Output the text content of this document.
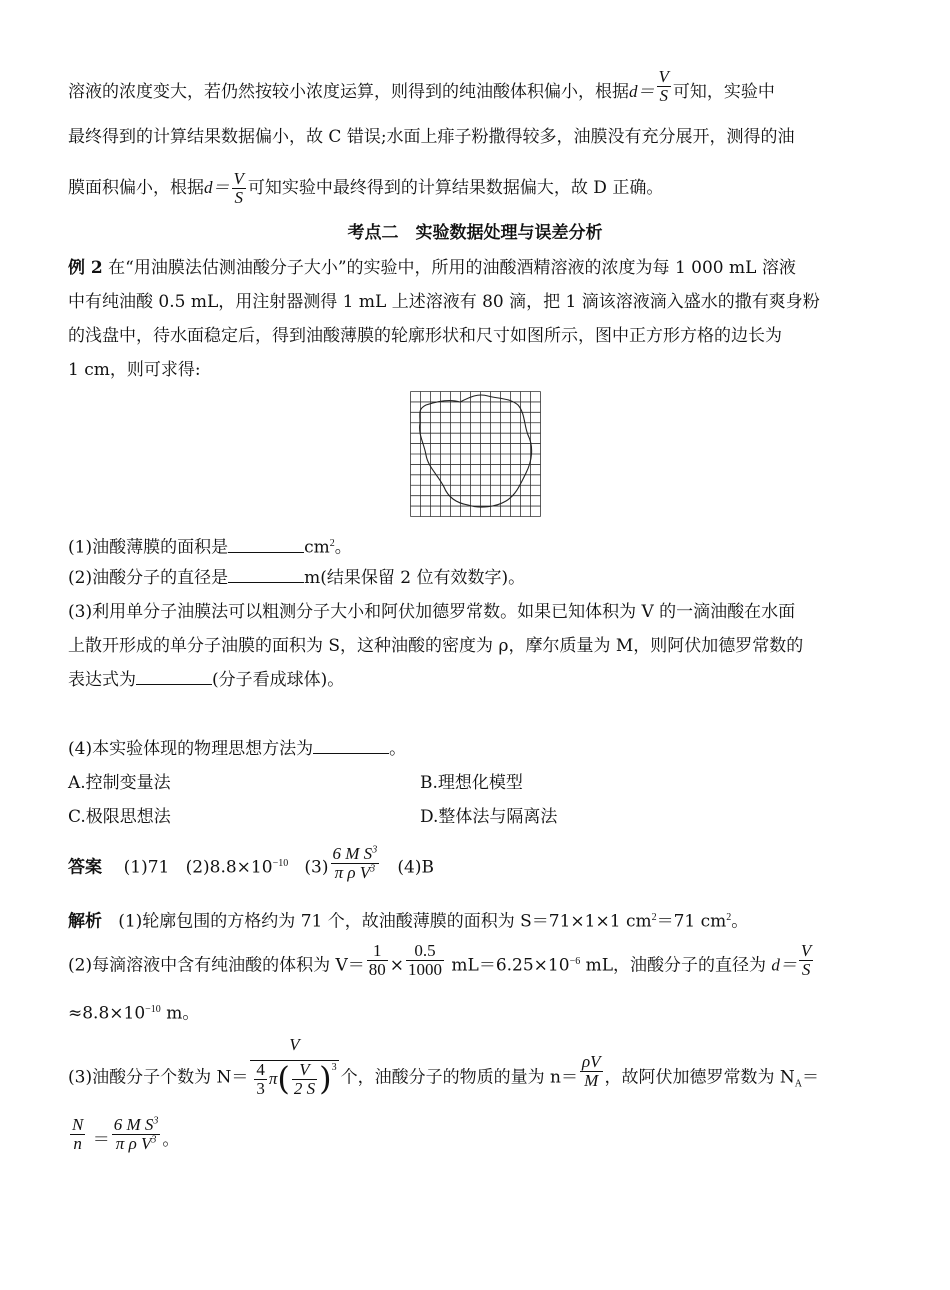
溶液的浓度变大，若仍然按较小浓度运算，则得到的纯油酸体积偏小，根据$d= \frac{V}{S}$ 可知，实验中
最终得到的计算结果数据偏小，故 C 错误;水面上痱子粉撒得较多，油膜没有充分展开，测得的油
膜面积偏小，根据$d= \frac{V}{S}$ 可知实验中最终得到的计算结果数据偏大，故 D 正确。
考点二　实验数据处理与误差分析
例 2 在“用油膜法估测油酸分子大小”的实验中，所用的油酸酒精溶液的浓度为每 1 000 mL 溶液
中有纯油酸 0.5 mL，用注射器测得 1 mL 上述溶液有 80 滴，把 1 滴该溶液滴入盛水的撒有爽身粉
的浅盘中，待水面稳定后，得到油酸薄膜的轮廓形状和尺寸如图所示，图中正方形方格的边长为
1 cm，则可求得:
(1)油酸薄膜的面积是	$cm^2$。
(2)油酸分子的直径是	m(结果保留 2 位有效数字)。
(3)利用单分子油膜法可以粗测分子大小和阿伏加德罗常数。如果已知体积为 V 的一滴油酸在水面
上散开形成的单分子油膜的面积为 S，这种油酸的密度为 ρ，摩尔质量为 M，则阿伏加德罗常数的
表达式为	(分子看成球体)。
(4)本实验体现的物理思想方法为	。
A.控制变量法	B.理想化模型
C.极限思想法	D.整体法与隔离法
答案 (1)71 $(2)8.8\times 10^{-10}$ $(3) \frac{6 M S^3}{\pi \rho V^3} (4)B$
解析 (1)轮廓包围的方格约为 71 个，故油酸薄膜的面积为 S＝71×1×1 $cm^2=71$ $cm^2$。
(2)每滴溶液中含有纯油酸的体积为 $V= \frac{1}{80} \times \frac{0.5}{1000} mL=6.25\times 10^{-6}$ mL，油酸分子的直径为 $d= \frac{V}{S}$
$\approx 8.8\times 10^{-10}$ m。
(3)油酸分子个数为 $N= \frac{V}{\frac{4}{3} \pi( \frac{V}{2 S} )^3}$ 个，油酸分子的物质的量为 $n= \frac{\rho V}{M}$ ，故阿伏加德罗常数为 $N_A=$
$\frac{N}{n} = \frac{6 M S^3}{\pi \rho V^3}$ 。
